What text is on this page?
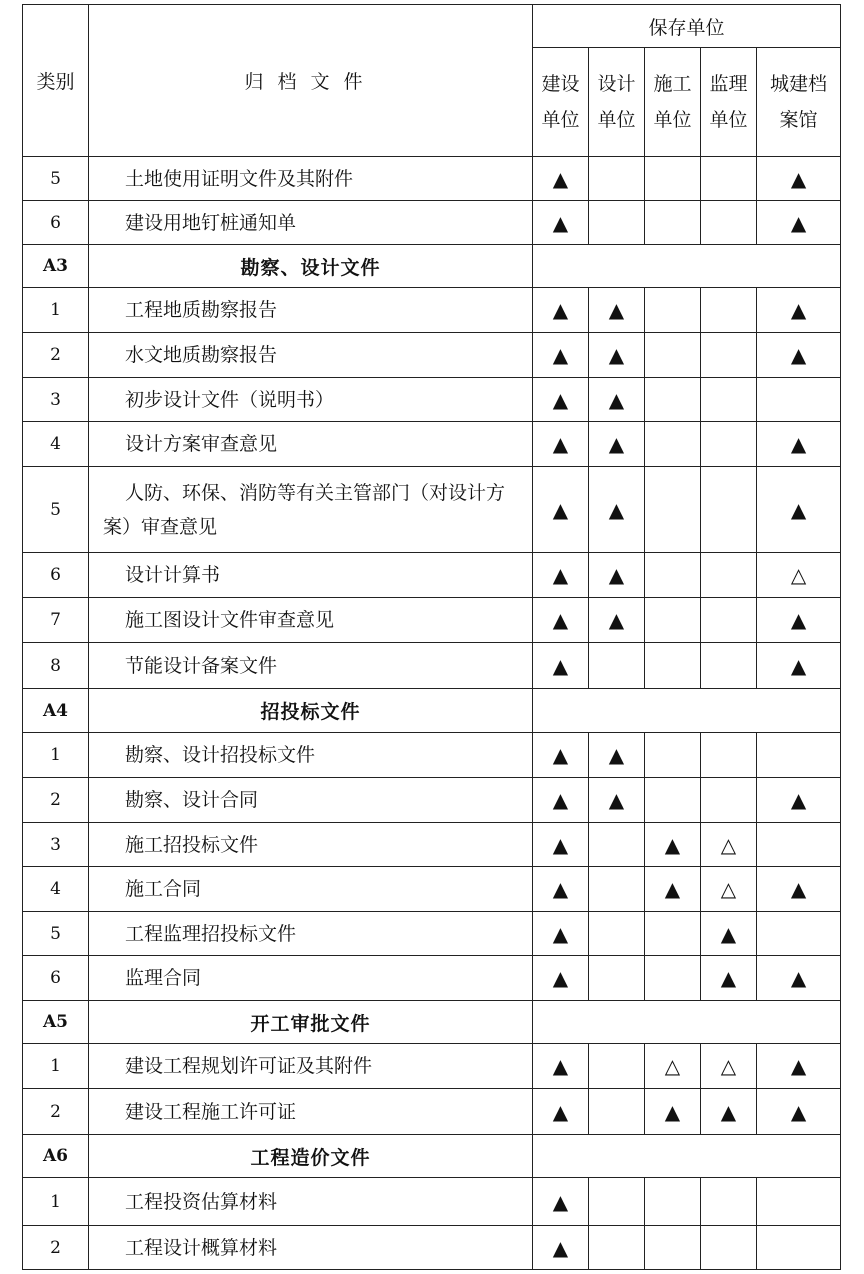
类别	归档文件	保存单位				
		建设单位	设计单位	施工单位	监理单位	城建档案馆
5	土地使用证明文件及其附件	▲				▲
6	建设用地钉桩通知单	▲				▲
A3	勘察、设计文件					
1	工程地质勘察报告	▲	▲			▲
2	水文地质勘察报告	▲	▲			▲
3	初步设计文件（说明书）	▲	▲			
4	设计方案审查意见	▲	▲			▲
5	人防、环保、消防等有关主管部门（对设计方案）审查意见	▲	▲			▲
6	设计计算书	▲	▲			△
7	施工图设计文件审查意见	▲	▲			▲
8	节能设计备案文件	▲				▲
A4	招投标文件					
1	勘察、设计招投标文件	▲	▲			
2	勘察、设计合同	▲	▲			▲
3	施工招投标文件	▲		▲	△	
4	施工合同	▲		▲	△	▲
5	工程监理招投标文件	▲			▲	
6	监理合同	▲			▲	▲
A5	开工审批文件					
1	建设工程规划许可证及其附件	▲		△	△	▲
2	建设工程施工许可证	▲		▲	▲	▲
A6	工程造价文件					
1	工程投资估算材料	▲				
2	工程设计概算材料	▲				
